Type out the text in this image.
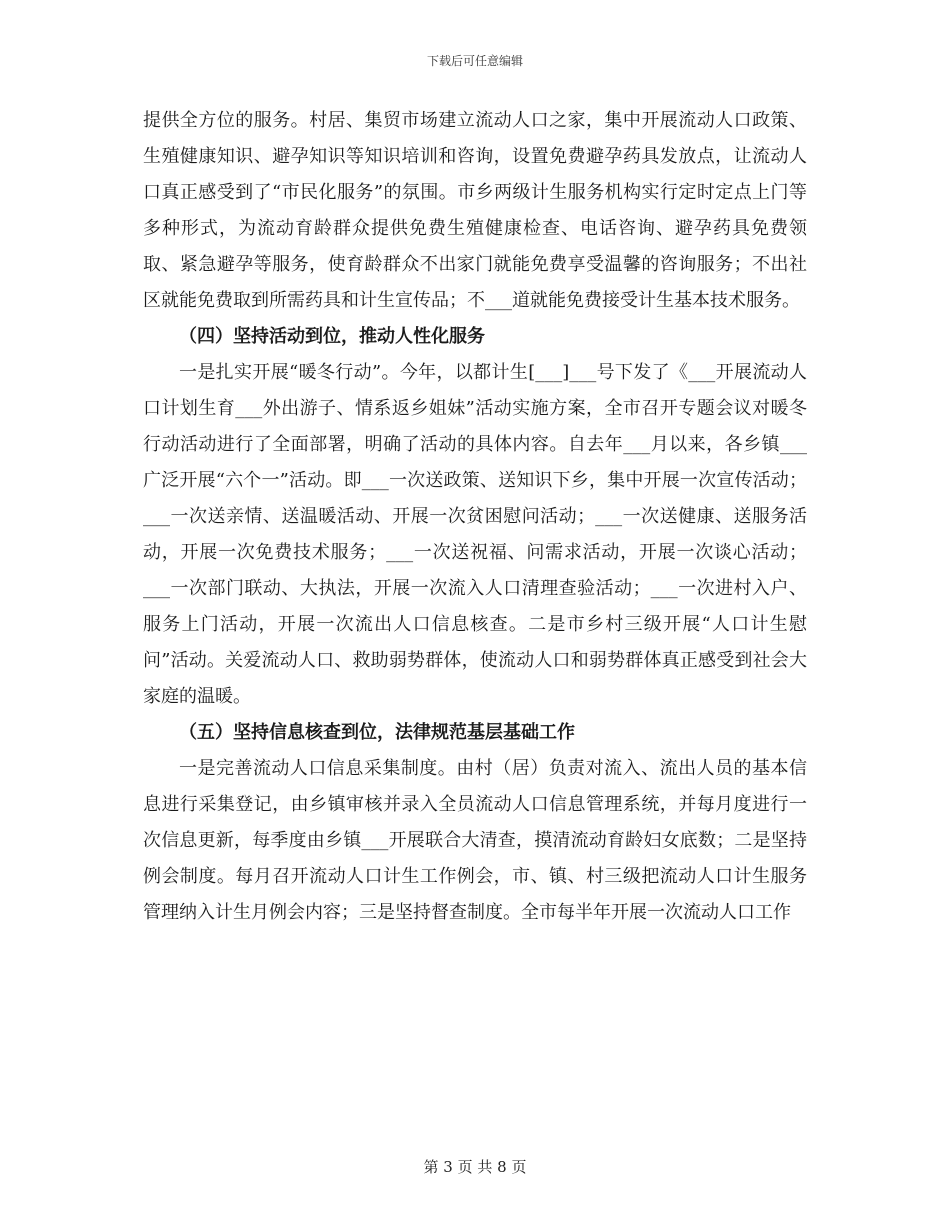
下载后可任意编辑

提供全方位的服务。村居、集贸市场建立流动人口之家，集中开展流动人口政策、生殖健康知识、避孕知识等知识培训和咨询，设置免费避孕药具发放点，让流动人口真正感受到了“市民化服务”的氛围。市乡两级计生服务机构实行定时定点上门等多种形式，为流动育龄群众提供免费生殖健康检查、电话咨询、避孕药具免费领取、紧急避孕等服务，使育龄群众不出家门就能免费享受温馨的咨询服务；不出社区就能免费取到所需药具和计生宣传品；不___道就能免费接受计生基本技术服务。

（四）坚持活动到位，推动人性化服务

一是扎实开展“暖冬行动”。今年，以都计生[___]___号下发了《___开展流动人口计划生育___外出游子、情系返乡姐妹”活动实施方案，全市召开专题会议对暖冬行动活动进行了全面部署，明确了活动的具体内容。自去年___月以来，各乡镇___广泛开展“六个一”活动。即___一次送政策、送知识下乡，集中开展一次宣传活动；___一次送亲情、送温暖活动、开展一次贫困慰问活动；___一次送健康、送服务活动，开展一次免费技术服务；___一次送祝福、问需求活动，开展一次谈心活动；___一次部门联动、大执法，开展一次流入人口清理查验活动；___一次进村入户、服务上门活动，开展一次流出人口信息核查。二是市乡村三级开展“人口计生慰问”活动。关爱流动人口、救助弱势群体，使流动人口和弱势群体真正感受到社会大家庭的温暖。

（五）坚持信息核查到位，法律规范基层基础工作

一是完善流动人口信息采集制度。由村（居）负责对流入、流出人员的基本信息进行采集登记，由乡镇审核并录入全员流动人口信息管理系统，并每月度进行一次信息更新，每季度由乡镇___开展联合大清查，摸清流动育龄妇女底数；二是坚持例会制度。每月召开流动人口计生工作例会，市、镇、村三级把流动人口计生服务管理纳入计生月例会内容；三是坚持督查制度。全市每半年开展一次流动人口工作

第 3 页 共 8 页
